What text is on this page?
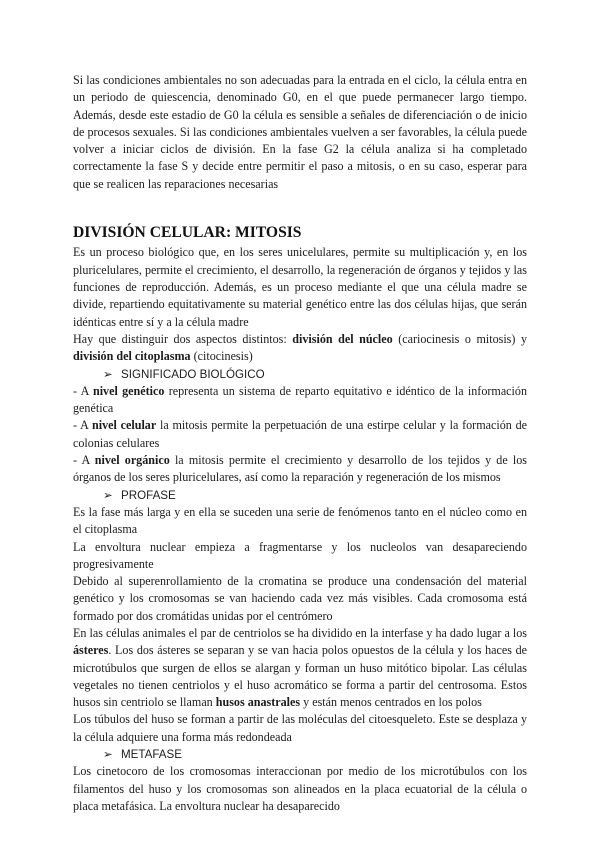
Si las condiciones ambientales no son adecuadas para la entrada en el ciclo, la célula entra en un periodo de quiescencia, denominado G0, en el que puede permanecer largo tiempo. Además, desde este estadio de G0 la célula es sensible a señales de diferenciación o de inicio de procesos sexuales. Si las condiciones ambientales vuelven a ser favorables, la célula puede volver a iniciar ciclos de división. En la fase G2 la célula analiza si ha completado correctamente la fase S y decide entre permitir el paso a mitosis, o en su caso, esperar para que se realicen las reparaciones necesarias

DIVISIÓN CELULAR: MITOSIS

Es un proceso biológico que, en los seres unicelulares, permite su multiplicación y, en los pluricelulares, permite el crecimiento, el desarrollo, la regeneración de órganos y tejidos y las funciones de reproducción. Además, es un proceso mediante el que una célula madre se divide, repartiendo equitativamente su material genético entre las dos células hijas, que serán idénticas entre sí y a la célula madre

Hay que distinguir dos aspectos distintos: división del núcleo (cariocinesis o mitosis) y división del citoplasma (citocinesis)

➢ SIGNIFICADO BIOLÓGICO

- A nivel genético representa un sistema de reparto equitativo e idéntico de la información genética

- A nivel celular la mitosis permite la perpetuación de una estirpe celular y la formación de colonias celulares

- A nivel orgánico la mitosis permite el crecimiento y desarrollo de los tejidos y de los órganos de los seres pluricelulares, así como la reparación y regeneración de los mismos

➢ PROFASE

Es la fase más larga y en ella se suceden una serie de fenómenos tanto en el núcleo como en el citoplasma

La envoltura nuclear empieza a fragmentarse y los nucleolos van desapareciendo progresivamente

Debido al superenrollamiento de la cromatina se produce una condensación del material genético y los cromosomas se van haciendo cada vez más visibles. Cada cromosoma está formado por dos cromátidas unidas por el centrómero

En las células animales el par de centriolos se ha dividido en la interfase y ha dado lugar a los ásteres. Los dos ásteres se separan y se van hacia polos opuestos de la célula y los haces de microtúbulos que surgen de ellos se alargan y forman un huso mitótico bipolar. Las células vegetales no tienen centriolos y el huso acromático se forma a partir del centrosoma. Estos husos sin centriolo se llaman husos anastrales y están menos centrados en los polos

Los túbulos del huso se forman a partir de las moléculas del citoesqueleto. Este se desplaza y la célula adquiere una forma más redondeada

➢ METAFASE

Los cinetocoro de los cromosomas interaccionan por medio de los microtúbulos con los filamentos del huso y los cromosomas son alineados en la placa ecuatorial de la célula o placa metafásica. La envoltura nuclear ha desaparecido
